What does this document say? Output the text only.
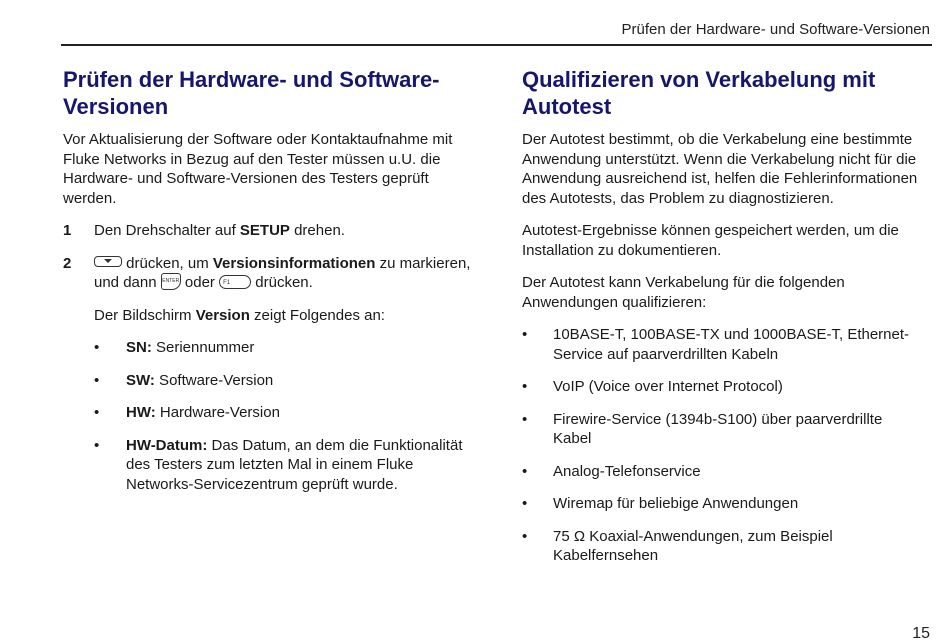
Prüfen der Hardware- und Software-Versionen
Prüfen der Hardware- und Software-Versionen

Vor Aktualisierung der Software oder Kontaktaufnahme mit Fluke Networks in Bezug auf den Tester müssen u.U. die Hardware- und Software-Versionen des Testers geprüft werden.

1	Den Drehschalter auf SETUP drehen.
2	drücken, um Versionsinformationen zu markieren, und dann ENTER oder F1 drücken.

Der Bildschirm Version zeigt Folgendes an:

•	SN: Seriennummer
•	SW: Software-Version
•	HW: Hardware-Version
•	HW-Datum: Das Datum, an dem die Funktionalität des Testers zum letzten Mal in einem Fluke Networks-Servicezentrum geprüft wurde.
Qualifizieren von Verkabelung mit Autotest

Der Autotest bestimmt, ob die Verkabelung eine bestimmte Anwendung unterstützt. Wenn die Verkabelung nicht für die Anwendung ausreichend ist, helfen die Fehlerinformationen des Autotests, das Problem zu diagnostizieren.

Autotest-Ergebnisse können gespeichert werden, um die Installation zu dokumentieren.

Der Autotest kann Verkabelung für die folgenden Anwendungen qualifizieren:

•	10BASE-T, 100BASE-TX und 1000BASE-T, Ethernet-Service auf paarverdrillten Kabeln
•	VoIP (Voice over Internet Protocol)
•	Firewire-Service (1394b-S100) über paarverdrillte Kabel
•	Analog-Telefonservice
•	Wiremap für beliebige Anwendungen
•	75 Ω Koaxial-Anwendungen, zum Beispiel Kabelfernsehen
15
